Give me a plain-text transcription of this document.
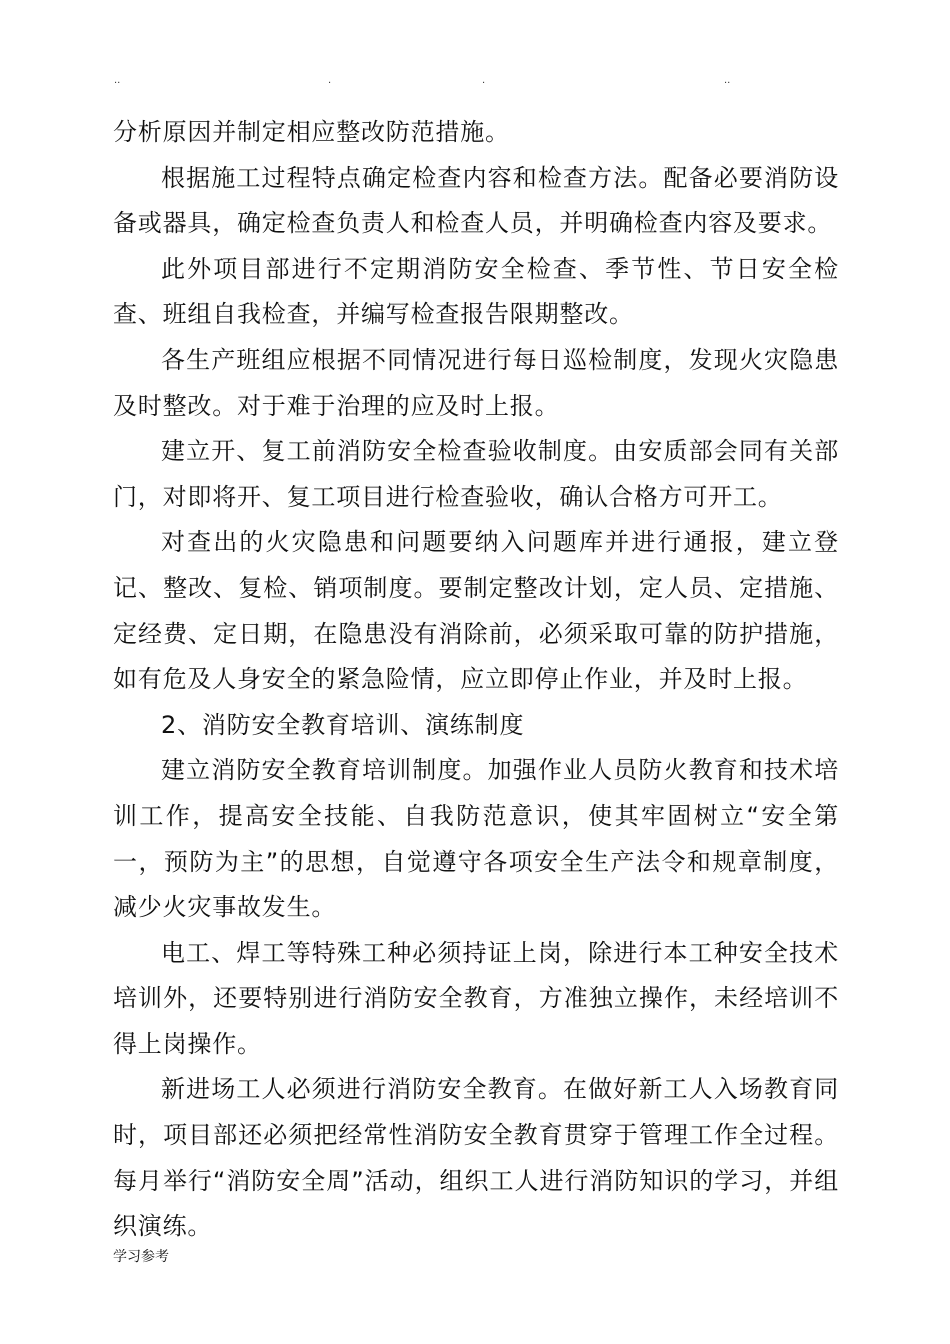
..	.	.	..

分析原因并制定相应整改防范措施。

根据施工过程特点确定检查内容和检查方法。配备必要消防设备或器具，确定检查负责人和检查人员，并明确检查内容及要求。

此外项目部进行不定期消防安全检查、季节性、节日安全检查、班组自我检查，并编写检查报告限期整改。

各生产班组应根据不同情况进行每日巡检制度，发现火灾隐患及时整改。对于难于治理的应及时上报。

建立开、复工前消防安全检查验收制度。由安质部会同有关部门，对即将开、复工项目进行检查验收，确认合格方可开工。

对查出的火灾隐患和问题要纳入问题库并进行通报，建立登记、整改、复检、销项制度。要制定整改计划，定人员、定措施、定经费、定日期，在隐患没有消除前，必须采取可靠的防护措施，如有危及人身安全的紧急险情，应立即停止作业，并及时上报。

2、消防安全教育培训、演练制度

建立消防安全教育培训制度。加强作业人员防火教育和技术培训工作，提高安全技能、自我防范意识，使其牢固树立“安全第一，预防为主”的思想，自觉遵守各项安全生产法令和规章制度，减少火灾事故发生。

电工、焊工等特殊工种必须持证上岗，除进行本工种安全技术培训外，还要特别进行消防安全教育，方准独立操作，未经培训不得上岗操作。

新进场工人必须进行消防安全教育。在做好新工人入场教育同时，项目部还必须把经常性消防安全教育贯穿于管理工作全过程。每月举行“消防安全周”活动，组织工人进行消防知识的学习，并组织演练。

学习参考
